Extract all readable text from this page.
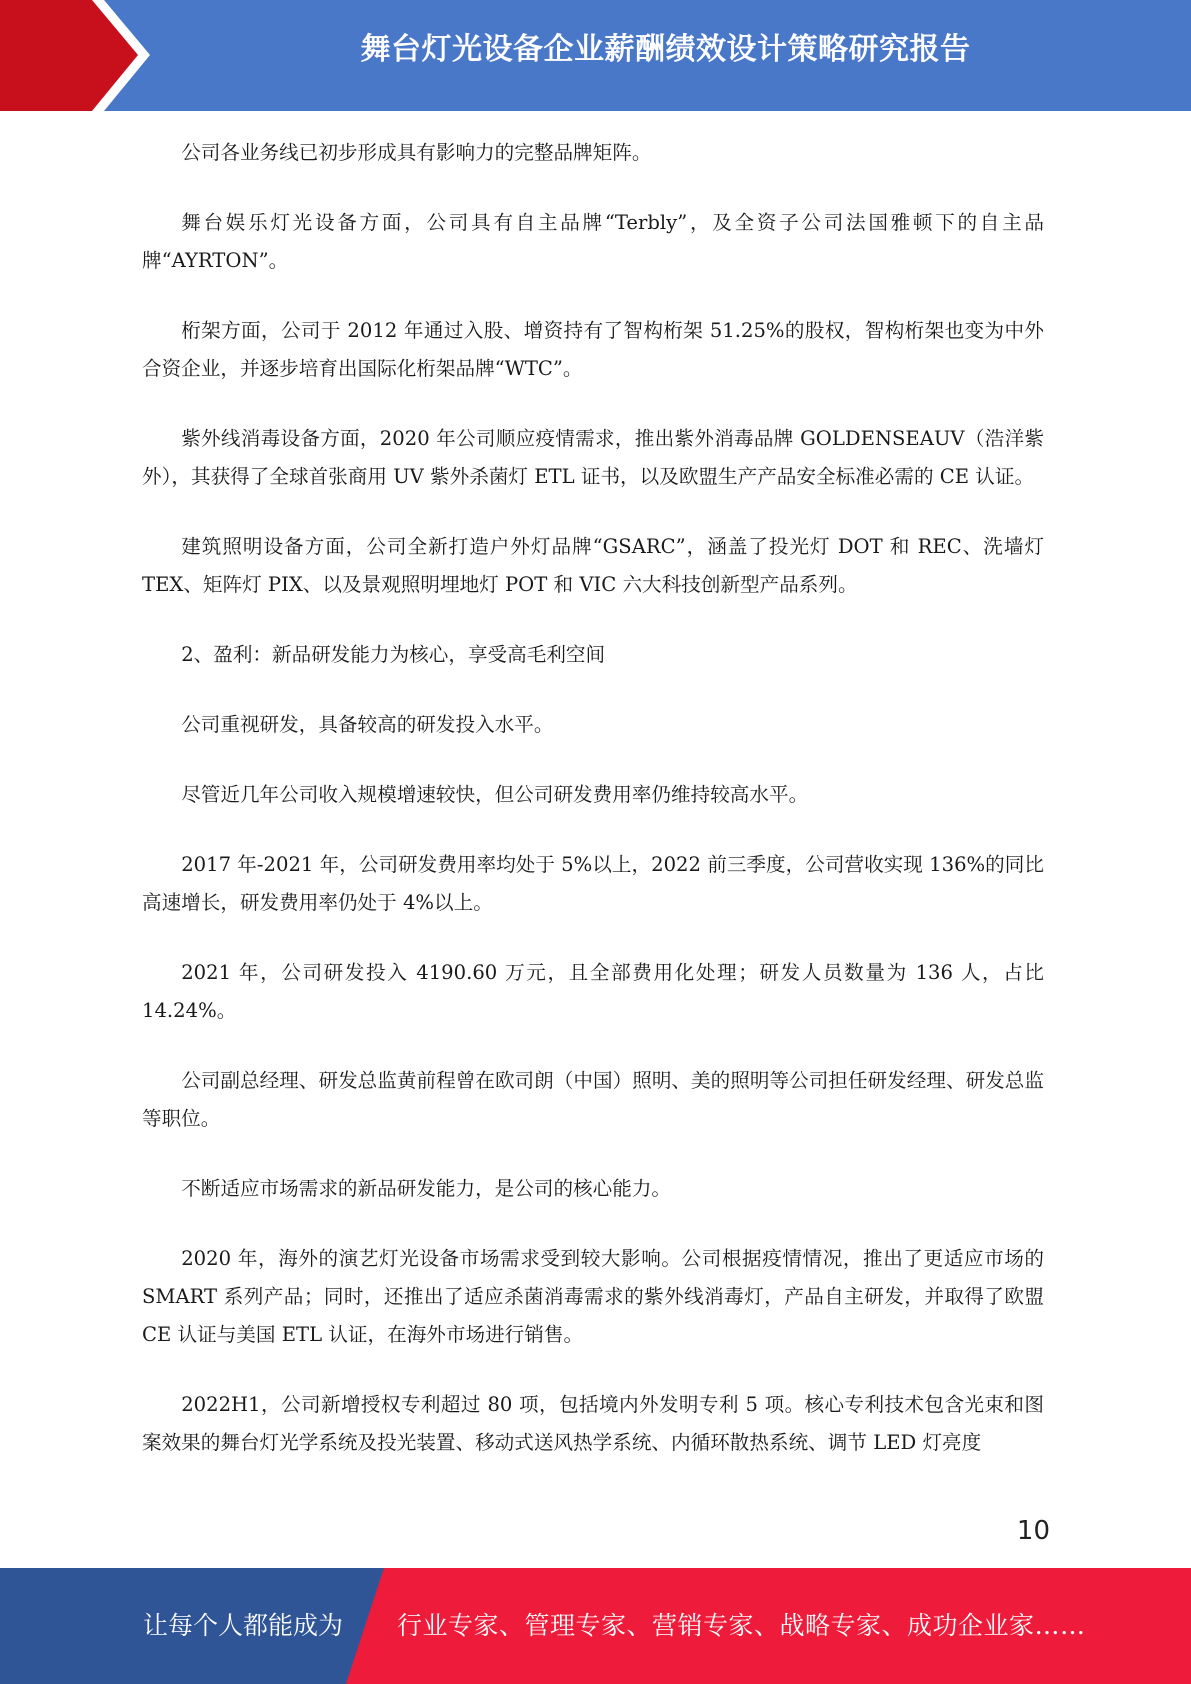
舞台灯光设备企业薪酬绩效设计策略研究报告

公司各业务线已初步形成具有影响力的完整品牌矩阵。

舞台娱乐灯光设备方面，公司具有自主品牌“Terbly”，及全资子公司法国雅顿下的自主品牌“AYRTON”。

桁架方面，公司于 2012 年通过入股、增资持有了智构桁架 51.25%的股权，智构桁架也变为中外合资企业，并逐步培育出国际化桁架品牌“WTC”。

紫外线消毒设备方面，2020 年公司顺应疫情需求，推出紫外消毒品牌 GOLDENSEAUV（浩洋紫外），其获得了全球首张商用 UV 紫外杀菌灯 ETL 证书，以及欧盟生产产品安全标准必需的 CE 认证。

建筑照明设备方面，公司全新打造户外灯品牌“GSARC”，涵盖了投光灯 DOT 和 REC、洗墙灯 TEX、矩阵灯 PIX、以及景观照明埋地灯 POT 和 VIC 六大科技创新型产品系列。

2、盈利：新品研发能力为核心，享受高毛利空间

公司重视研发，具备较高的研发投入水平。

尽管近几年公司收入规模增速较快，但公司研发费用率仍维持较高水平。

2017 年-2021 年，公司研发费用率均处于 5%以上，2022 前三季度，公司营收实现 136%的同比高速增长，研发费用率仍处于 4%以上。

2021 年，公司研发投入 4190.60 万元，且全部费用化处理；研发人员数量为 136 人，占比14.24%。

公司副总经理、研发总监黄前程曾在欧司朗（中国）照明、美的照明等公司担任研发经理、研发总监等职位。

不断适应市场需求的新品研发能力，是公司的核心能力。

2020 年，海外的演艺灯光设备市场需求受到较大影响。公司根据疫情情况，推出了更适应市场的 SMART 系列产品；同时，还推出了适应杀菌消毒需求的紫外线消毒灯，产品自主研发，并取得了欧盟 CE 认证与美国 ETL 认证，在海外市场进行销售。

2022H1，公司新增授权专利超过 80 项，包括境内外发明专利 5 项。核心专利技术包含光束和图案效果的舞台灯光学系统及投光装置、移动式送风热学系统、内循环散热系统、调节 LED 灯亮度

10
让每个人都能成为 行业专家、管理专家、营销专家、战略专家、成功企业家……
